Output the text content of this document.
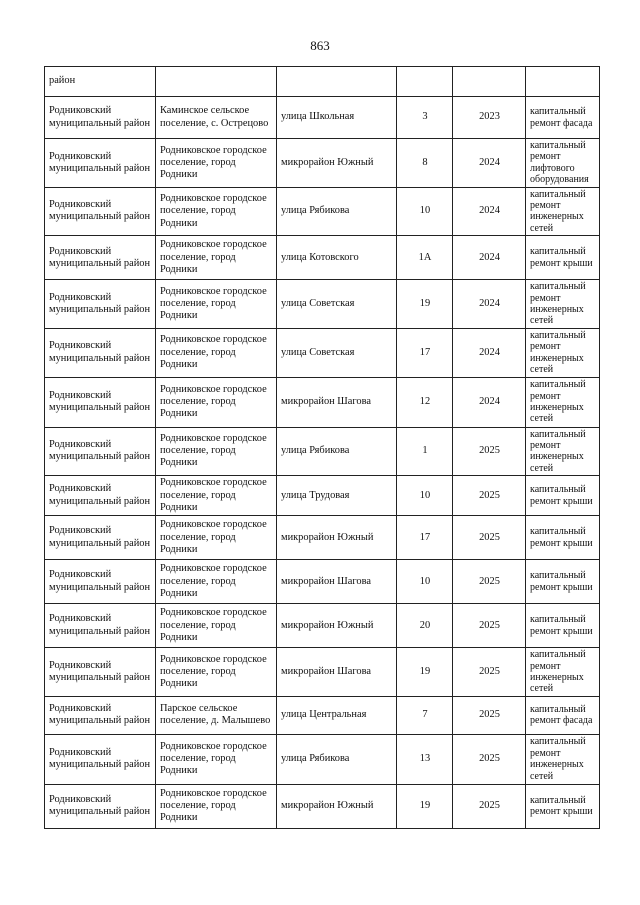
863
район					
Родниковский муниципальный район	Каминское сельское поселение, с. Острецово	улица Школьная	3	2023	капитальный ремонт фасада
Родниковский муниципальный район	Родниковское городское поселение, город Родники	микрорайон Южный	8	2024	капитальный ремонт лифтового оборудования
Родниковский муниципальный район	Родниковское городское поселение, город Родники	улица Рябикова	10	2024	капитальный ремонт инженерных сетей
Родниковский муниципальный район	Родниковское городское поселение, город Родники	улица Котовского	1А	2024	капитальный ремонт крыши
Родниковский муниципальный район	Родниковское городское поселение, город Родники	улица Советская	19	2024	капитальный ремонт инженерных сетей
Родниковский муниципальный район	Родниковское городское поселение, город Родники	улица Советская	17	2024	капитальный ремонт инженерных сетей
Родниковский муниципальный район	Родниковское городское поселение, город Родники	микрорайон Шагова	12	2024	капитальный ремонт инженерных сетей
Родниковский муниципальный район	Родниковское городское поселение, город Родники	улица Рябикова	1	2025	капитальный ремонт инженерных сетей
Родниковский муниципальный район	Родниковское городское поселение, город Родники	улица Трудовая	10	2025	капитальный ремонт крыши
Родниковский муниципальный район	Родниковское городское поселение, город Родники	микрорайон Южный	17	2025	капитальный ремонт крыши
Родниковский муниципальный район	Родниковское городское поселение, город Родники	микрорайон Шагова	10	2025	капитальный ремонт крыши
Родниковский муниципальный район	Родниковское городское поселение, город Родники	микрорайон Южный	20	2025	капитальный ремонт крыши
Родниковский муниципальный район	Родниковское городское поселение, город Родники	микрорайон Шагова	19	2025	капитальный ремонт инженерных сетей
Родниковский муниципальный район	Парское сельское поселение, д. Малышево	улица Центральная	7	2025	капитальный ремонт фасада
Родниковский муниципальный район	Родниковское городское поселение, город Родники	улица Рябикова	13	2025	капитальный ремонт инженерных сетей
Родниковский муниципальный район	Родниковское городское поселение, город Родники	микрорайон Южный	19	2025	капитальный ремонт крыши
